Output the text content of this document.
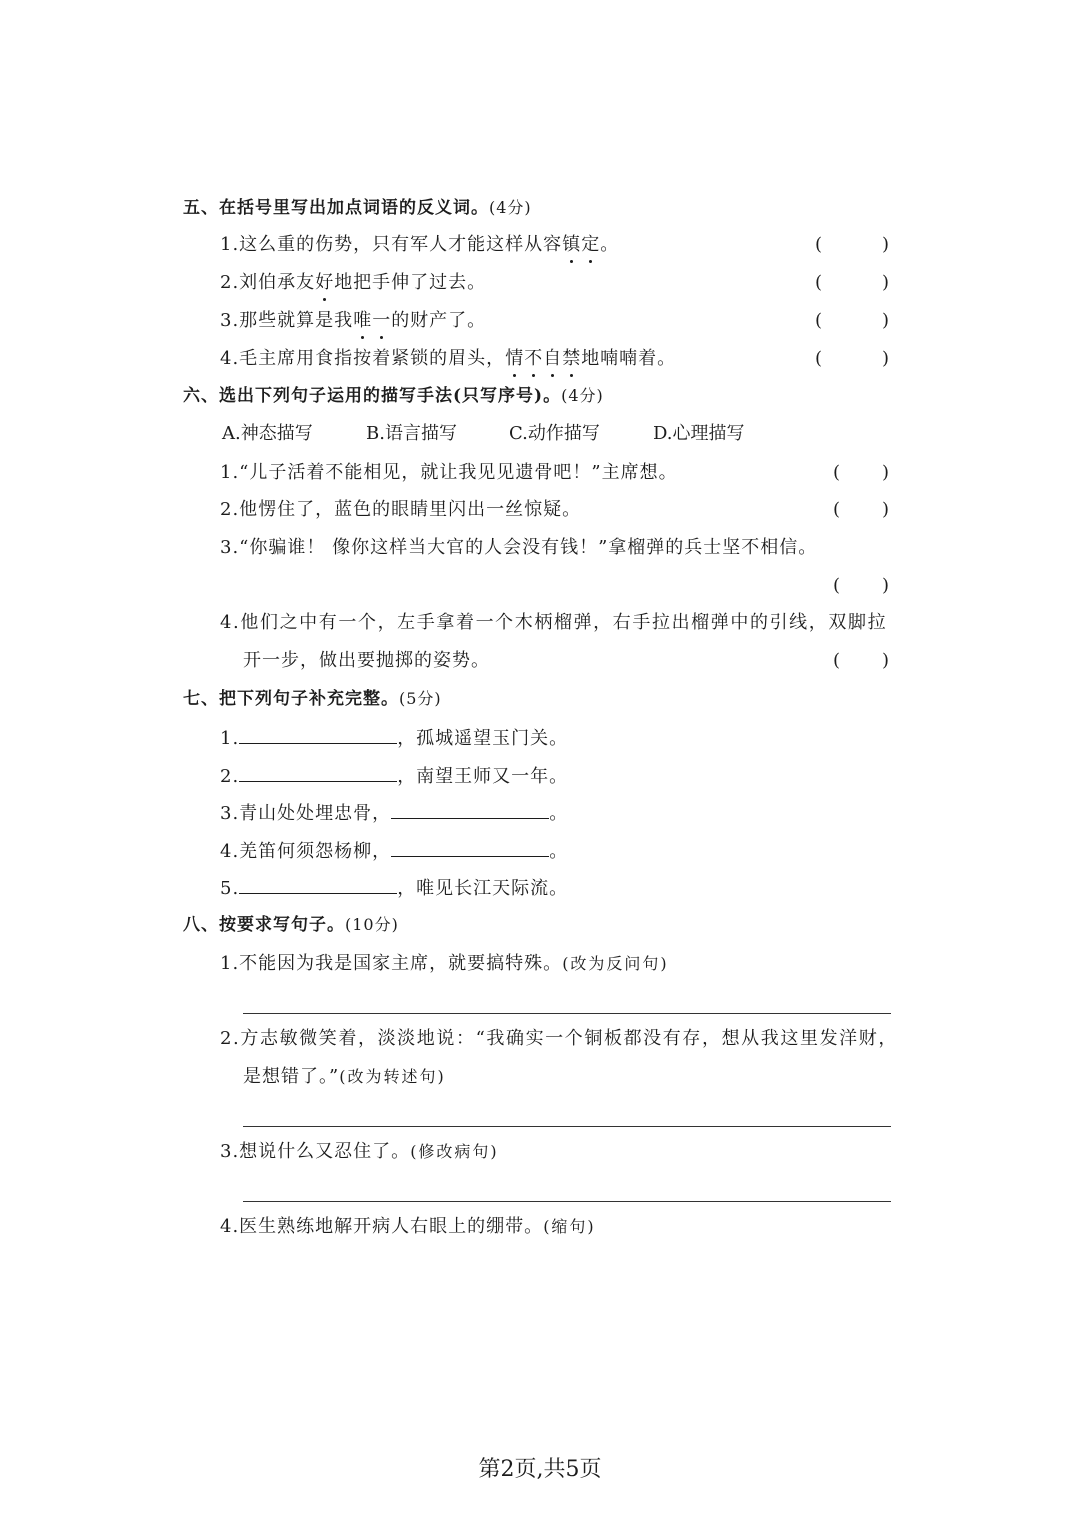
五、在括号里写出加点词语的反义词。(4分)
1.这么重的伤势，只有军人才能这样从容镇定。	(	)
2.刘伯承友好地把手伸了过去。	(	)
3.那些就算是我唯一的财产了。	(	)
4.毛主席用食指按着紧锁的眉头，情不自禁地喃喃着。	(	)
六、选出下列句子运用的描写手法(只写序号)。(4分)
A.神态描写	B.语言描写	C.动作描写	D.心理描写
1.“儿子活着不能相见，就让我见见遗骨吧！”主席想。	( )
2.他愣住了，蓝色的眼睛里闪出一丝惊疑。	( )
3.“你骗谁！ 像你这样当大官的人会没有钱！”拿榴弹的兵士坚不相信。
( )
4.他们之中有一个，左手拿着一个木柄榴弹，右手拉出榴弹中的引线，双脚拉
开一步，做出要抛掷的姿势。	( )
七、把下列句子补充完整。(5分)
1.	，孤城遥望玉门关。
2.	，南望王师又一年。
3.青山处处埋忠骨，	。
4.羌笛何须怨杨柳，	。
5.	，唯见长江天际流。
八、按要求写句子。(10分)
1.不能因为我是国家主席，就要搞特殊。(改为反问句)
2.方志敏微笑着，淡淡地说：“我确实一个铜板都没有存，想从我这里发洋财，
是想错了。”(改为转述句)
3.想说什么又忍住了。(修改病句)
4.医生熟练地解开病人右眼上的绷带。(缩句)
第2页,共5页
